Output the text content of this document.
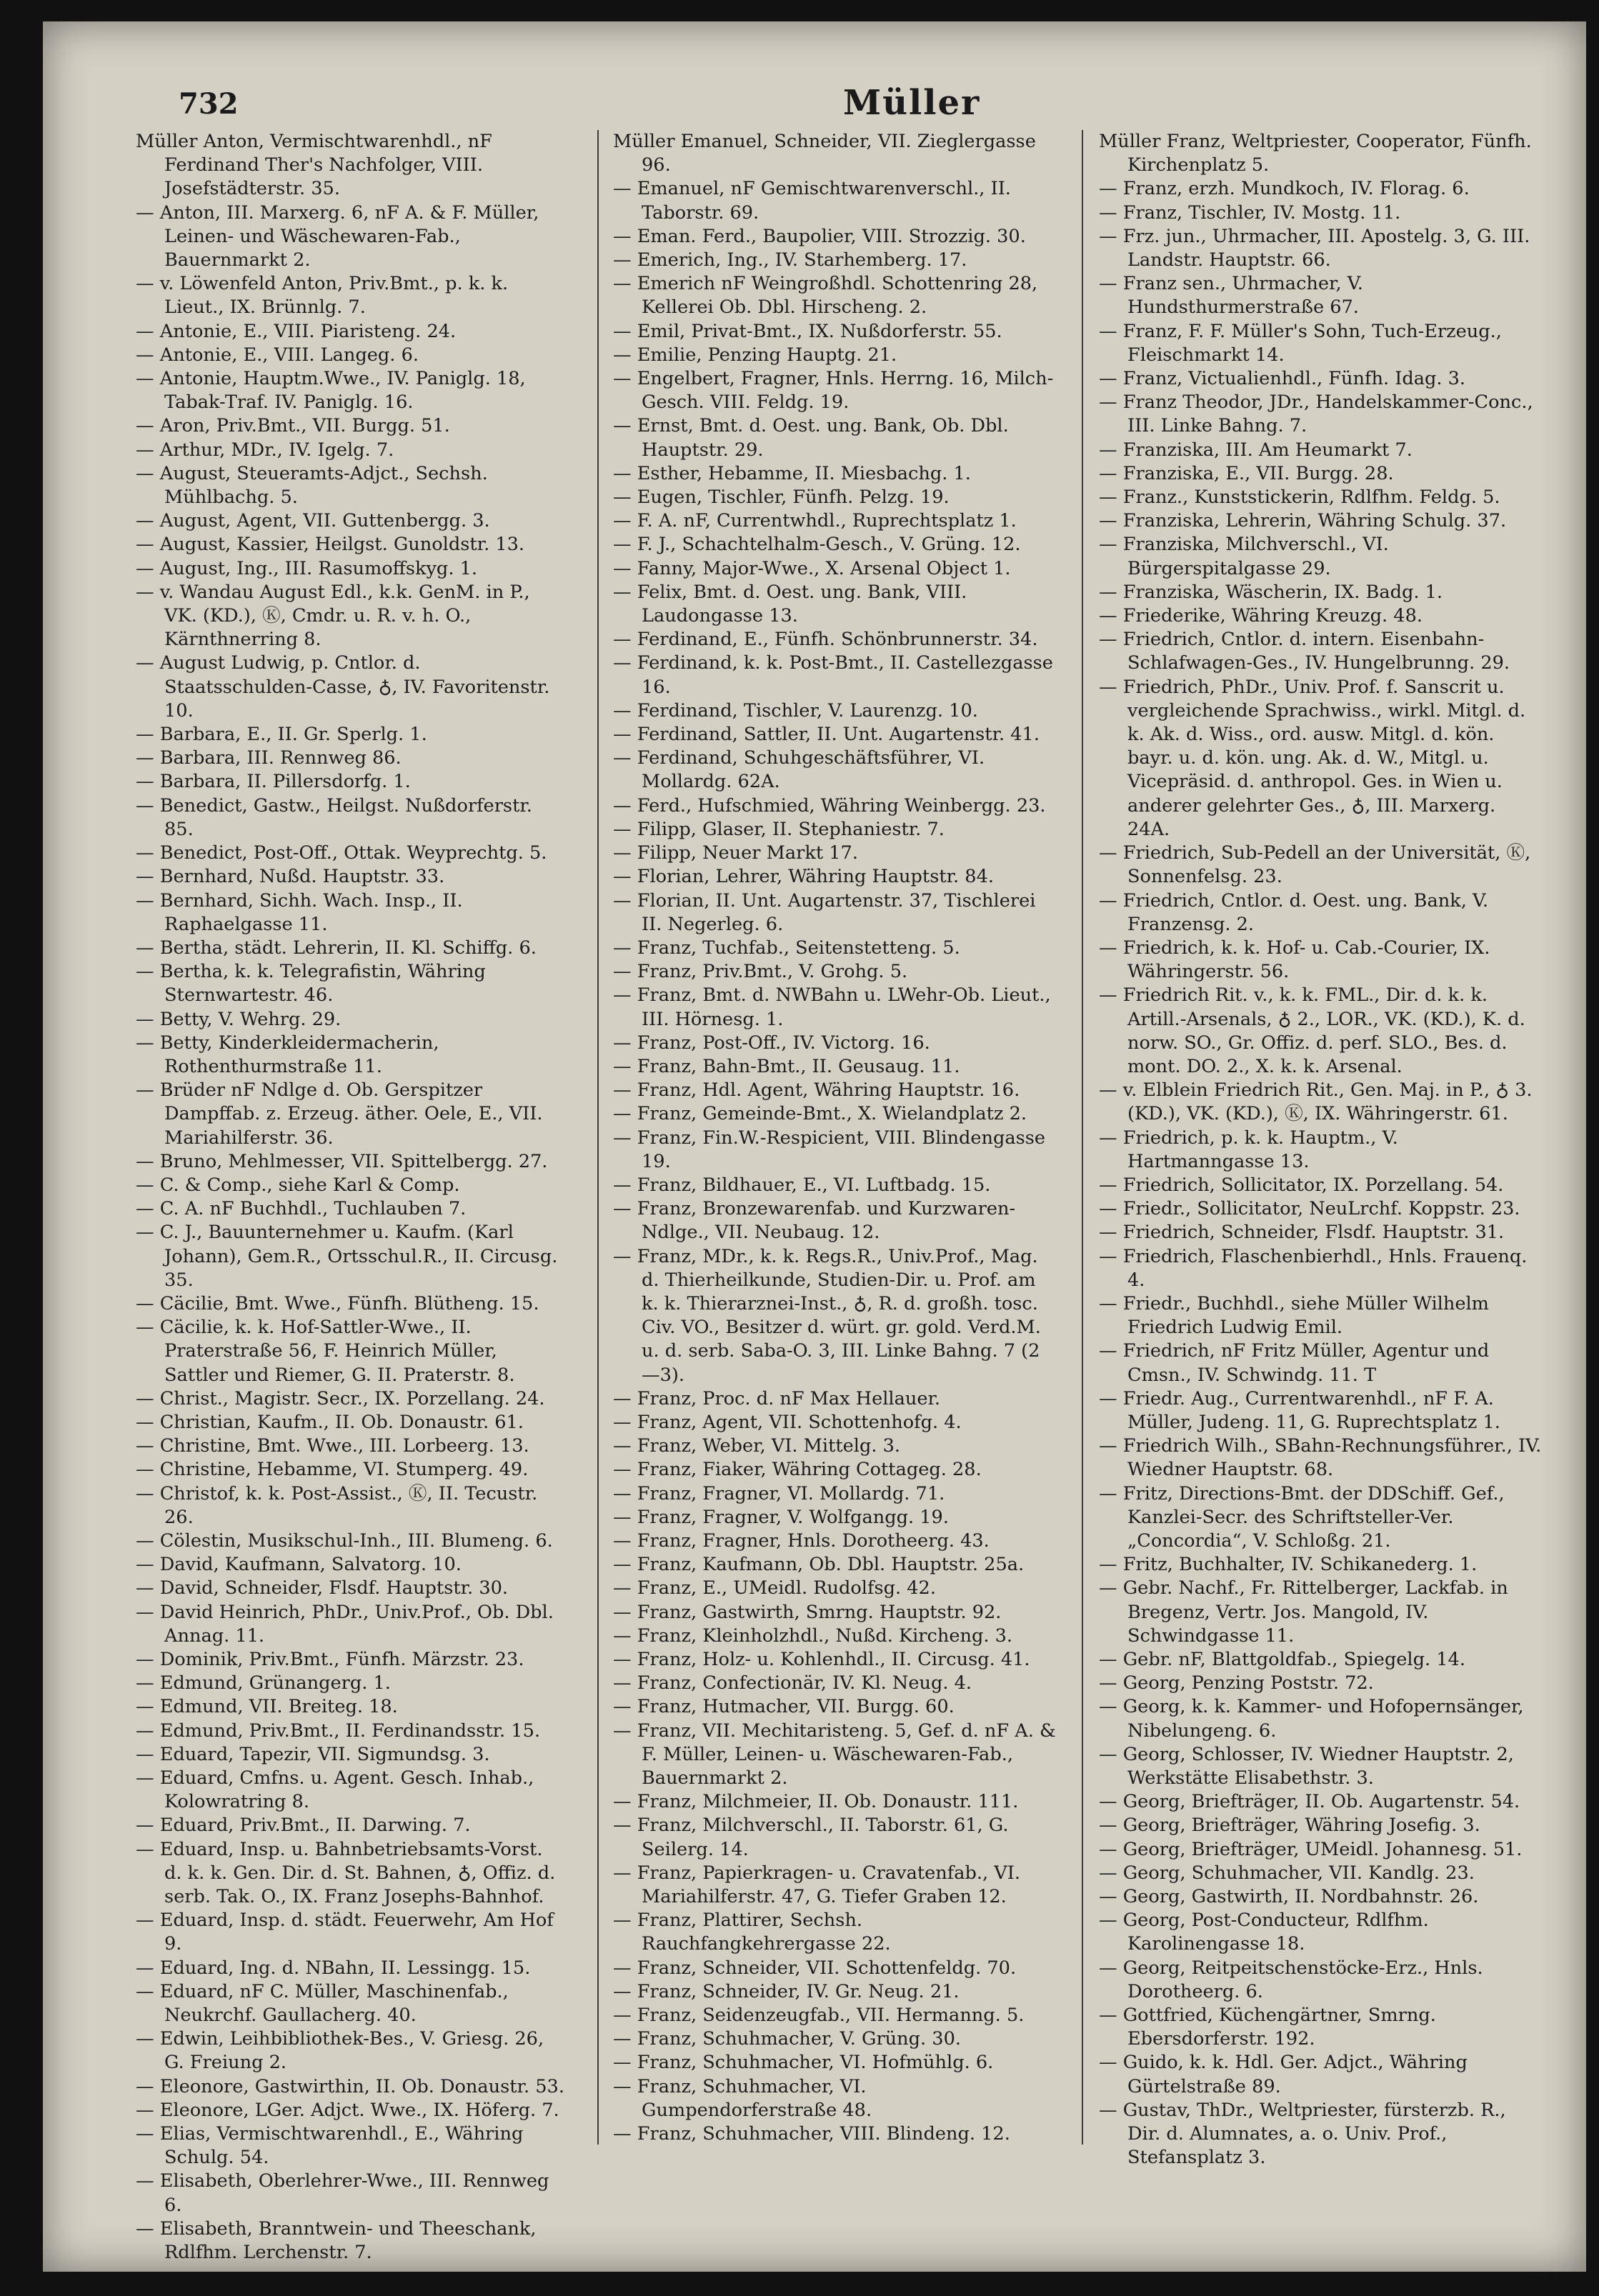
732	Müller

Müller Anton, Vermischtwarenhdl., nF Ferdinand Ther's Nachfolger, VIII. Josefstädterstr. 35.

— Anton, III. Marxerg. 6, nF A. & F. Müller, Leinen- und Wäschewaren-Fab., Bauernmarkt 2.

— v. Löwenfeld Anton, Priv.Bmt., p. k. k. Lieut., IX. Brünnlg. 7.

— Antonie, E., VIII. Piaristeng. 24.

— Antonie, E., VIII. Langeg. 6.

— Antonie, Hauptm.Wwe., IV. Paniglg. 18, Tabak-Traf. IV. Paniglg. 16.

— Aron, Priv.Bmt., VII. Burgg. 51.

— Arthur, MDr., IV. Igelg. 7.

— August, Steueramts-Adjct., Sechsh. Mühlbachg. 5.

— August, Agent, VII. Guttenbergg. 3.

— August, Kassier, Heilgst. Gunoldstr. 13.

— August, Ing., III. Rasumoffskyg. 1.

— v. Wandau August Edl., k.k. GenM. in P., VK. (KD.), Ⓚ, Cmdr. u. R. v. h. O., Kärnthnerring 8.

— August Ludwig, p. Cntlor. d. Staatsschulden-Casse, ♁, IV. Favoritenstr. 10.

— Barbara, E., II. Gr. Sperlg. 1.

— Barbara, III. Rennweg 86.

— Barbara, II. Pillersdorfg. 1.

— Benedict, Gastw., Heilgst. Nußdorferstr. 85.

— Benedict, Post-Off., Ottak. Weyprechtg. 5.

— Bernhard, Nußd. Hauptstr. 33.

— Bernhard, Sichh. Wach. Insp., II. Raphaelgasse 11.

— Bertha, städt. Lehrerin, II. Kl. Schiffg. 6.

— Bertha, k. k. Telegrafistin, Währing Sternwartestr. 46.

— Betty, V. Wehrg. 29.

— Betty, Kinderkleidermacherin, Rothenthurmstraße 11.

— Brüder nF Ndlge d. Ob. Gerspitzer Dampffab. z. Erzeug. äther. Oele, E., VII. Mariahilferstr. 36.

— Bruno, Mehlmesser, VII. Spittelbergg. 27.

— C. & Comp., siehe Karl & Comp.

— C. A. nF Buchhdl., Tuchlauben 7.

— C. J., Bauunternehmer u. Kaufm. (Karl Johann), Gem.R., Ortsschul.R., II. Circusg. 35.

— Cäcilie, Bmt. Wwe., Fünfh. Blütheng. 15.

— Cäcilie, k. k. Hof-Sattler-Wwe., II. Praterstraße 56, F. Heinrich Müller, Sattler und Riemer, G. II. Praterstr. 8.

— Christ., Magistr. Secr., IX. Porzellang. 24.

— Christian, Kaufm., II. Ob. Donaustr. 61.

— Christine, Bmt. Wwe., III. Lorbeerg. 13.

— Christine, Hebamme, VI. Stumperg. 49.

— Christof, k. k. Post-Assist., Ⓚ, II. Tecustr. 26.

— Cölestin, Musikschul-Inh., III. Blumeng. 6.

— David, Kaufmann, Salvatorg. 10.

— David, Schneider, Flsdf. Hauptstr. 30.

— David Heinrich, PhDr., Univ.Prof., Ob. Dbl. Annag. 11.

— Dominik, Priv.Bmt., Fünfh. Märzstr. 23.

— Edmund, Grünangerg. 1.

— Edmund, VII. Breiteg. 18.

— Edmund, Priv.Bmt., II. Ferdinandsstr. 15.

— Eduard, Tapezir, VII. Sigmundsg. 3.

— Eduard, Cmfns. u. Agent. Gesch. Inhab., Kolowratring 8.

— Eduard, Priv.Bmt., II. Darwing. 7.

— Eduard, Insp. u. Bahnbetriebsamts-Vorst. d. k. k. Gen. Dir. d. St. Bahnen, ♁, Offiz. d. serb. Tak. O., IX. Franz Josephs-Bahnhof.

— Eduard, Insp. d. städt. Feuerwehr, Am Hof 9.

— Eduard, Ing. d. NBahn, II. Lessingg. 15.

— Eduard, nF C. Müller, Maschinenfab., Neukrchf. Gaullacherg. 40.

— Edwin, Leihbibliothek-Bes., V. Griesg. 26, G. Freiung 2.

— Eleonore, Gastwirthin, II. Ob. Donaustr. 53.

— Eleonore, LGer. Adjct. Wwe., IX. Höferg. 7.

— Elias, Vermischtwarenhdl., E., Währing Schulg. 54.

— Elisabeth, Oberlehrer-Wwe., III. Rennweg 6.

— Elisabeth, Branntwein- und Theeschank, Rdlfhm. Lerchenstr. 7.

Müller Emanuel, Schneider, VII. Zieglergasse 96.

— Emanuel, nF Gemischtwarenverschl., II. Taborstr. 69.

— Eman. Ferd., Baupolier, VIII. Strozzig. 30.

— Emerich, Ing., IV. Starhemberg. 17.

— Emerich nF Weingroßhdl. Schottenring 28, Kellerei Ob. Dbl. Hirscheng. 2.

— Emil, Privat-Bmt., IX. Nußdorferstr. 55.

— Emilie, Penzing Hauptg. 21.

— Engelbert, Fragner, Hnls. Herrng. 16, Milch-Gesch. VIII. Feldg. 19.

— Ernst, Bmt. d. Oest. ung. Bank, Ob. Dbl. Hauptstr. 29.

— Esther, Hebamme, II. Miesbachg. 1.

— Eugen, Tischler, Fünfh. Pelzg. 19.

— F. A. nF, Currentwhdl., Ruprechtsplatz 1.

— F. J., Schachtelhalm-Gesch., V. Grüng. 12.

— Fanny, Major-Wwe., X. Arsenal Object 1.

— Felix, Bmt. d. Oest. ung. Bank, VIII. Laudongasse 13.

— Ferdinand, E., Fünfh. Schönbrunnerstr. 34.

— Ferdinand, k. k. Post-Bmt., II. Castellezgasse 16.

— Ferdinand, Tischler, V. Laurenzg. 10.

— Ferdinand, Sattler, II. Unt. Augartenstr. 41.

— Ferdinand, Schuhgeschäftsführer, VI. Mollardg. 62A.

— Ferd., Hufschmied, Währing Weinbergg. 23.

— Filipp, Glaser, II. Stephaniestr. 7.

— Filipp, Neuer Markt 17.

— Florian, Lehrer, Währing Hauptstr. 84.

— Florian, II. Unt. Augartenstr. 37, Tischlerei II. Negerleg. 6.

— Franz, Tuchfab., Seitenstetteng. 5.

— Franz, Priv.Bmt., V. Grohg. 5.

— Franz, Bmt. d. NWBahn u. LWehr-Ob. Lieut., III. Hörnesg. 1.

— Franz, Post-Off., IV. Victorg. 16.

— Franz, Bahn-Bmt., II. Geusaug. 11.

— Franz, Hdl. Agent, Währing Hauptstr. 16.

— Franz, Gemeinde-Bmt., X. Wielandplatz 2.

— Franz, Fin.W.-Respicient, VIII. Blindengasse 19.

— Franz, Bildhauer, E., VI. Luftbadg. 15.

— Franz, Bronzewarenfab. und Kurzwaren-Ndlge., VII. Neubaug. 12.

— Franz, MDr., k. k. Regs.R., Univ.Prof., Mag. d. Thierheilkunde, Studien-Dir. u. Prof. am k. k. Thierarznei-Inst., ♁, R. d. großh. tosc. Civ. VO., Besitzer d. würt. gr. gold. Verd.M. u. d. serb. Saba-O. 3, III. Linke Bahng. 7 (2—3).

— Franz, Proc. d. nF Max Hellauer.

— Franz, Agent, VII. Schottenhofg. 4.

— Franz, Weber, VI. Mittelg. 3.

— Franz, Fiaker, Währing Cottageg. 28.

— Franz, Fragner, VI. Mollardg. 71.

— Franz, Fragner, V. Wolfgangg. 19.

— Franz, Fragner, Hnls. Dorotheerg. 43.

— Franz, Kaufmann, Ob. Dbl. Hauptstr. 25a.

— Franz, E., UMeidl. Rudolfsg. 42.

— Franz, Gastwirth, Smrng. Hauptstr. 92.

— Franz, Kleinholzhdl., Nußd. Kircheng. 3.

— Franz, Holz- u. Kohlenhdl., II. Circusg. 41.

— Franz, Confectionär, IV. Kl. Neug. 4.

— Franz, Hutmacher, VII. Burgg. 60.

— Franz, VII. Mechitaristeng. 5, Gef. d. nF A. & F. Müller, Leinen- u. Wäschewaren-Fab., Bauernmarkt 2.

— Franz, Milchmeier, II. Ob. Donaustr. 111.

— Franz, Milchverschl., II. Taborstr. 61, G. Seilerg. 14.

— Franz, Papierkragen- u. Cravatenfab., VI. Mariahilferstr. 47, G. Tiefer Graben 12.

— Franz, Plattirer, Sechsh. Rauchfangkehrergasse 22.

— Franz, Schneider, VII. Schottenfeldg. 70.

— Franz, Schneider, IV. Gr. Neug. 21.

— Franz, Seidenzeugfab., VII. Hermanng. 5.

— Franz, Schuhmacher, V. Grüng. 30.

— Franz, Schuhmacher, VI. Hofmühlg. 6.

— Franz, Schuhmacher, VI. Gumpendorferstraße 48.

— Franz, Schuhmacher, VIII. Blindeng. 12.

Müller Franz, Weltpriester, Cooperator, Fünfh. Kirchenplatz 5.

— Franz, erzh. Mundkoch, IV. Florag. 6.

— Franz, Tischler, IV. Mostg. 11.

— Frz. jun., Uhrmacher, III. Apostelg. 3, G. III. Landstr. Hauptstr. 66.

— Franz sen., Uhrmacher, V. Hundsthurmerstraße 67.

— Franz, F. F. Müller's Sohn, Tuch-Erzeug., Fleischmarkt 14.

— Franz, Victualienhdl., Fünfh. Idag. 3.

— Franz Theodor, JDr., Handelskammer-Conc., III. Linke Bahng. 7.

— Franziska, III. Am Heumarkt 7.

— Franziska, E., VII. Burgg. 28.

— Franz., Kunststickerin, Rdlfhm. Feldg. 5.

— Franziska, Lehrerin, Währing Schulg. 37.

— Franziska, Milchverschl., VI. Bürgerspitalgasse 29.

— Franziska, Wäscherin, IX. Badg. 1.

— Friederike, Währing Kreuzg. 48.

— Friedrich, Cntlor. d. intern. Eisenbahn-Schlafwagen-Ges., IV. Hungelbrunng. 29.

— Friedrich, PhDr., Univ. Prof. f. Sanscrit u. vergleichende Sprachwiss., wirkl. Mitgl. d. k. Ak. d. Wiss., ord. ausw. Mitgl. d. kön. bayr. u. d. kön. ung. Ak. d. W., Mitgl. u. Vicepräsid. d. anthropol. Ges. in Wien u. anderer gelehrter Ges., ♁, III. Marxerg. 24A.

— Friedrich, Sub-Pedell an der Universität, Ⓚ, Sonnenfelsg. 23.

— Friedrich, Cntlor. d. Oest. ung. Bank, V. Franzensg. 2.

— Friedrich, k. k. Hof- u. Cab.-Courier, IX. Währingerstr. 56.

— Friedrich Rit. v., k. k. FML., Dir. d. k. k. Artill.-Arsenals, ♁ 2., LOR., VK. (KD.), K. d. norw. SO., Gr. Offiz. d. perf. SLO., Bes. d. mont. DO. 2., X. k. k. Arsenal.

— v. Elblein Friedrich Rit., Gen. Maj. in P., ♁ 3. (KD.), VK. (KD.), Ⓚ, IX. Währingerstr. 61.

— Friedrich, p. k. k. Hauptm., V. Hartmanngasse 13.

— Friedrich, Sollicitator, IX. Porzellang. 54.

— Friedr., Sollicitator, NeuLrchf. Koppstr. 23.

— Friedrich, Schneider, Flsdf. Hauptstr. 31.

— Friedrich, Flaschenbierhdl., Hnls. Frauenq. 4.

— Friedr., Buchhdl., siehe Müller Wilhelm Friedrich Ludwig Emil.

— Friedrich, nF Fritz Müller, Agentur und Cmsn., IV. Schwindg. 11. T

— Friedr. Aug., Currentwarenhdl., nF F. A. Müller, Judeng. 11, G. Ruprechtsplatz 1.

— Friedrich Wilh., SBahn-Rechnungsführer., IV. Wiedner Hauptstr. 68.

— Fritz, Directions-Bmt. der DDSchiff. Gef., Kanzlei-Secr. des Schriftsteller-Ver. „Concordia“, V. Schloßg. 21.

— Fritz, Buchhalter, IV. Schikanederg. 1.

— Gebr. Nachf., Fr. Rittelberger, Lackfab. in Bregenz, Vertr. Jos. Mangold, IV. Schwindgasse 11.

— Gebr. nF, Blattgoldfab., Spiegelg. 14.

— Georg, Penzing Poststr. 72.

— Georg, k. k. Kammer- und Hofopernsänger, Nibelungeng. 6.

— Georg, Schlosser, IV. Wiedner Hauptstr. 2, Werkstätte Elisabethstr. 3.

— Georg, Briefträger, II. Ob. Augartenstr. 54.

— Georg, Briefträger, Währing Josefig. 3.

— Georg, Briefträger, UMeidl. Johannesg. 51.

— Georg, Schuhmacher, VII. Kandlg. 23.

— Georg, Gastwirth, II. Nordbahnstr. 26.

— Georg, Post-Conducteur, Rdlfhm. Karolinengasse 18.

— Georg, Reitpeitschenstöcke-Erz., Hnls. Dorotheerg. 6.

— Gottfried, Küchengärtner, Smrng. Ebersdorferstr. 192.

— Guido, k. k. Hdl. Ger. Adjct., Währing Gürtelstraße 89.

— Gustav, ThDr., Weltpriester, fürsterzb. R., Dir. d. Alumnates, a. o. Univ. Prof., Stefansplatz 3.
